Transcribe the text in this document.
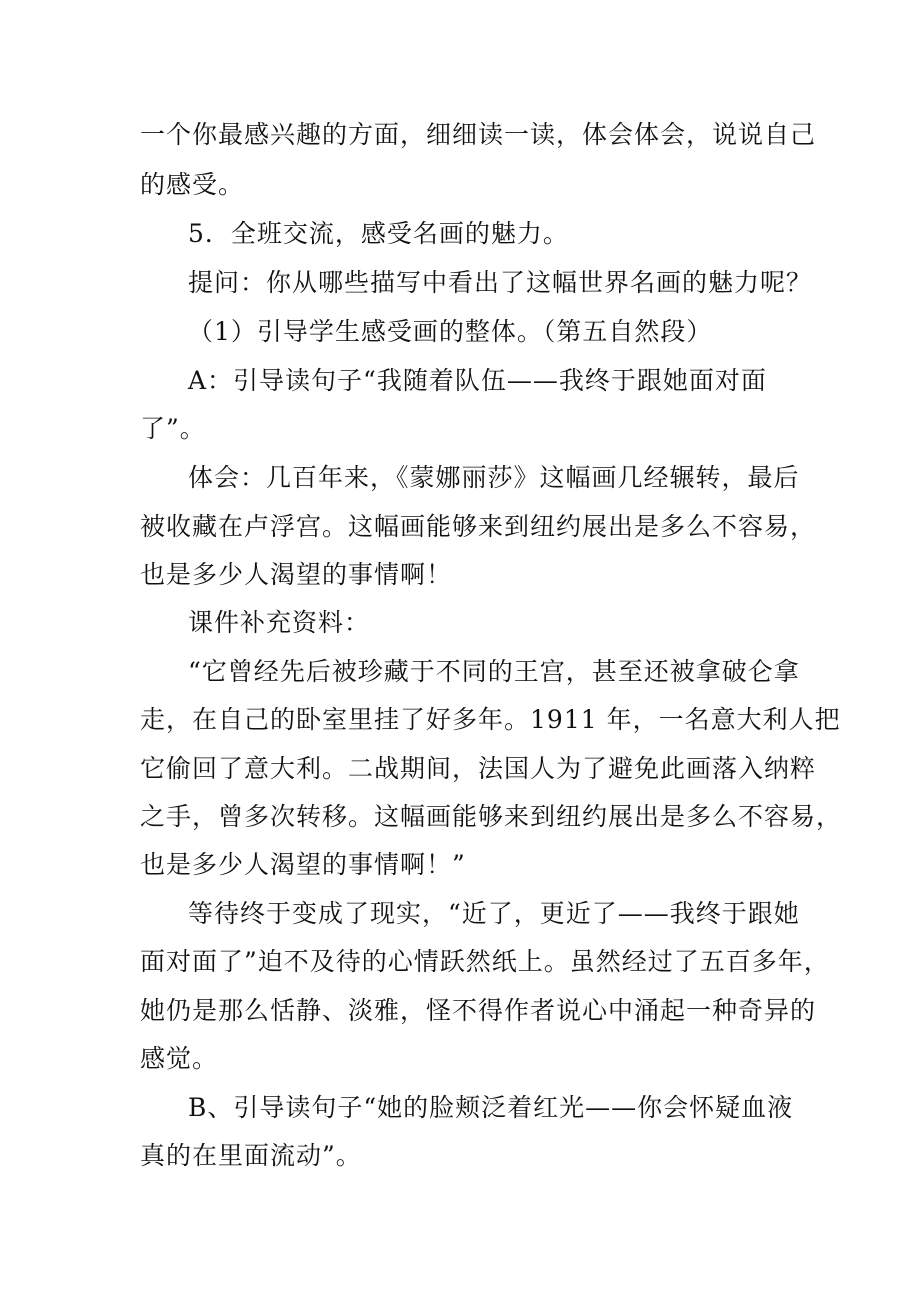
一个你最感兴趣的方面，细细读一读，体会体会，说说自己
的感受。
5．全班交流，感受名画的魅力。
提问：你从哪些描写中看出了这幅世界名画的魅力呢？
（1）引导学生感受画的整体。（第五自然段）
A：引导读句子“我随着队伍——我终于跟她面对面
了”。
体会：几百年来，《蒙娜丽莎》这幅画几经辗转，最后
被收藏在卢浮宫。这幅画能够来到纽约展出是多么不容易，
也是多少人渴望的事情啊！
课件补充资料：
“它曾经先后被珍藏于不同的王宫，甚至还被拿破仑拿
走，在自己的卧室里挂了好多年。1911 年，一名意大利人把
它偷回了意大利。二战期间，法国人为了避免此画落入纳粹
之手，曾多次转移。这幅画能够来到纽约展出是多么不容易，
也是多少人渴望的事情啊！”
等待终于变成了现实，“近了，更近了——我终于跟她
面对面了”迫不及待的心情跃然纸上。虽然经过了五百多年，
她仍是那么恬静、淡雅，怪不得作者说心中涌起一种奇异的
感觉。
B、引导读句子“她的脸颊泛着红光——你会怀疑血液
真的在里面流动”。
